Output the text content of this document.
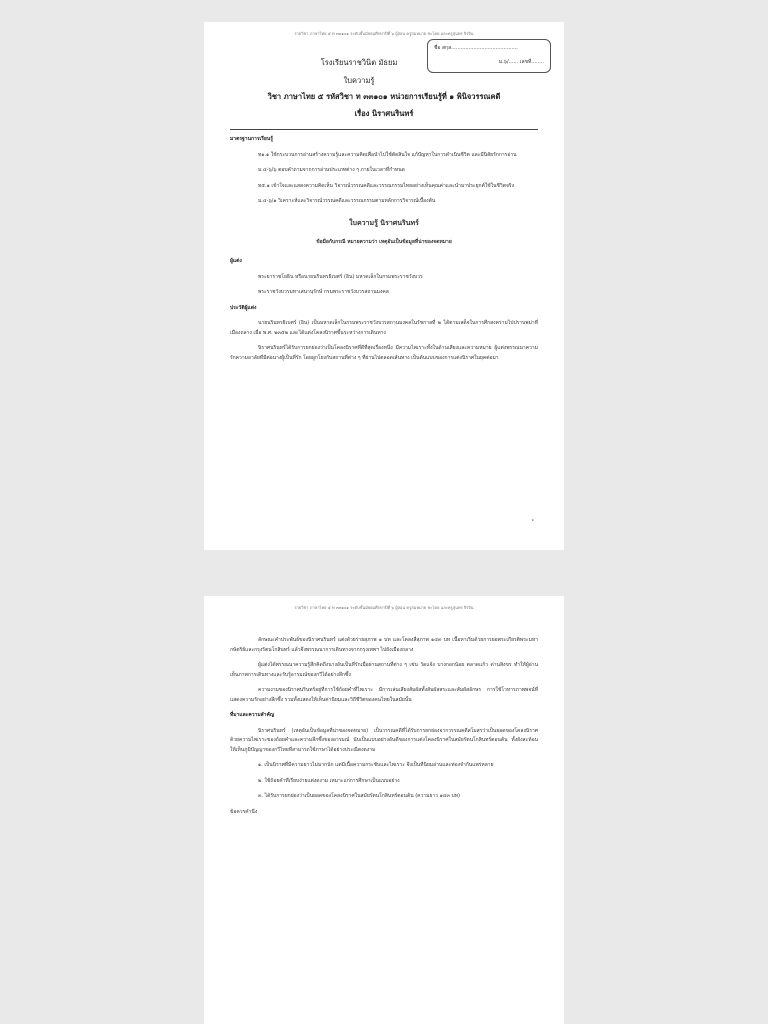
รายวิชา ภาษาไทย ๕ ท ๓๓๑๐๑ ระดับชั้นมัธยมศึกษาปีที่ ๖ ผู้สอน ครูสมหมาย ชะโดย และครูสุนทร จิรจิน
ชื่อ สกุล..........................................
ม.๖/...... เลขที่........
โรงเรียนราชวินิต มัธยม
ใบความรู้
วิชา ภาษาไทย ๕ รหัสวิชา ท ๓๓๑๐๑ หน่วยการเรียนรู้ที่ ๑ พินิจวรรณคดี
เรื่อง นิราศนรินทร์

มาตรฐานการเรียนรู้

ท๑.๑ ใช้กระบวนการอ่านสร้างความรู้และความคิดเพื่อนำไปใช้ตัดสินใจ แก้ปัญหาในการดำเนินชีวิต และมีนิสัยรักการอ่าน

ม.๔-๖/๖ ตอบคำถามจากการอ่านประเภทต่าง ๆ ภายในเวลาที่กำหนด

ท๕.๑ เข้าใจและแสดงความคิดเห็น วิจารณ์วรรณคดีและวรรณกรรมไทยอย่างเห็นคุณค่าและนำมาประยุกต์ใช้ในชีวิตจริง

ม.๔-๖/๑ วิเคราะห์และวิจารณ์วรรณคดีและวรรณกรรมตามหลักการวิจารณ์เบื้องต้น

ใบความรู้ นิราศนรินทร์

ข้อมือกับกรณี หมายความว่า เหตุอันเป็นข้อมูลที่น่าของจดหมาย

ผู้แต่ง

พระยาราชโยธิน หรือนายนรินทรธิเบศร์ (อิน) มหาดเล็กในกรมพระราชวังบวร

พระราชวังบวรมหาเสนานุรักษ์ กรมพระราชวังบวรสถานมงคล

ประวัติผู้แต่ง

นายนรินทรธิเบศร์ (อิน) เป็นมหาดเล็กในกรมพระราชวังบวรสถานมงคลในรัชกาลที่ ๒ ได้ตามเสด็จในการศึกสงครามไปปราบพม่าที่เมืองถลาง เมื่อ พ.ศ. ๒๓๕๒ และได้แต่งโคลงนิราศขึ้นระหว่างการเดินทาง

นิราศนรินทร์ได้รับการยกย่องว่าเป็นโคลงนิราศที่ดีที่สุดเรื่องหนึ่ง มีความไพเราะทั้งในด้านเสียงและความหมาย ผู้แต่งพรรณนาความรักความอาลัยที่มีต่อนางผู้เป็นที่รัก โดยผูกโยงกับสถานที่ต่าง ๆ ที่ผ่านไปตลอดเส้นทาง เป็นต้นแบบของการแต่งนิราศในยุคต่อมา

๑
รายวิชา ภาษาไทย ๕ ท ๓๓๑๐๑ ระดับชั้นมัธยมศึกษาปีที่ ๖ ผู้สอน ครูสมหมาย ชะโดย และครูสุนทร จิรจิน

ลักษณะคำประพันธ์ของนิราศนรินทร์ แต่งด้วยร่ายสุภาพ ๑ บท และโคลงสี่สุภาพ ๑๔๓ บท เนื้อหาเริ่มด้วยการยอพระเกียรติพระมหากษัตริย์และกรุงรัตนโกสินทร์ แล้วจึงพรรณนาการเดินทางจากกรุงเทพฯ ไปยังเมืองถลาง

ผู้แต่งได้พรรณนาความรู้สึกคิดถึงนางอันเป็นที่รักเมื่อผ่านสถานที่ต่าง ๆ เช่น วัดแจ้ง บางกอกน้อย ตลาดแก้ว ด่านสิงขร ทำให้ผู้อ่านเห็นภาพการเดินทางและรับรู้อารมณ์ของกวีได้อย่างลึกซึ้ง

ความงามของนิราศนรินทร์อยู่ที่การใช้ถ้อยคำที่ไพเราะ มีการเล่นเสียงสัมผัสทั้งสัมผัสสระและสัมผัสอักษร การใช้โวหารภาพพจน์ที่แสดงความรักอย่างลึกซึ้ง รวมทั้งแสดงให้เห็นค่านิยมและวิถีชีวิตของคนไทยในสมัยนั้น

ที่มาและความสำคัญ

นิราศนรินทร์ (เหตุอันเป็นข้อมูลที่น่าของจดหมาย) เป็นวรรณคดีที่ได้รับการยกย่องจากวรรณคดีสโมสรว่าเป็นยอดของโคลงนิราศ ด้วยความไพเราะของถ้อยคำและความลึกซึ้งของอารมณ์ นับเป็นแบบอย่างอันดีของการแต่งโคลงนิราศในสมัยรัตนโกสินทร์ตอนต้น ทั้งยังสะท้อนให้เห็นภูมิปัญญาของกวีไทยที่สามารถใช้ภาษาได้อย่างประณีตงดงาม

๑. เป็นนิราศที่มีความยาวไม่มากนัก แต่มีเนื้อความกระชับและไพเราะ จึงเป็นที่นิยมอ่านและท่องจำกันแพร่หลาย

๒. ใช้ถ้อยคำที่เรียบง่ายแต่งดงาม เหมาะแก่การศึกษาเป็นแบบอย่าง

๓. ได้รับการยกย่องว่าเป็นยอดของโคลงนิราศในสมัยรัตนโกสินทร์ตอนต้น (ความยาว ๑๔๓ บท)

ข้อควรคำนึง
